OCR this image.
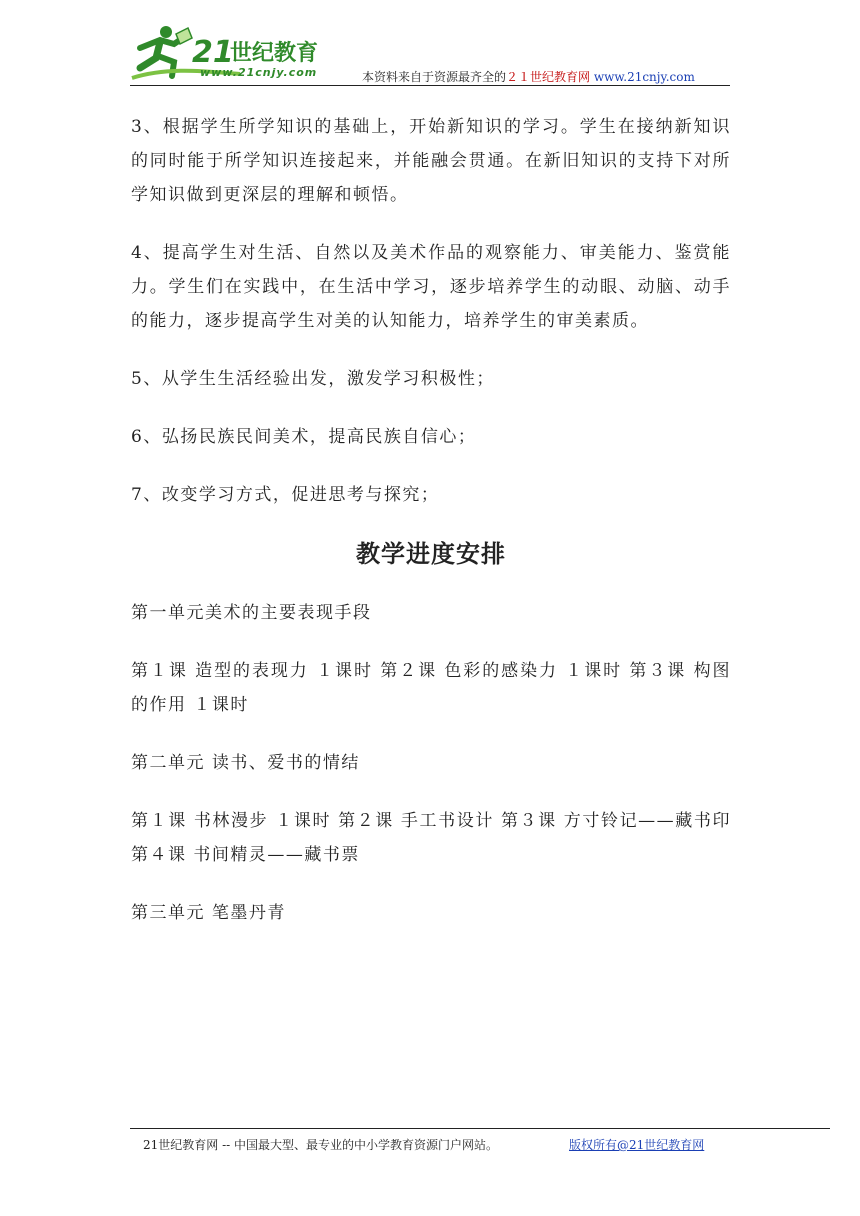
21
世纪教育
www.21cnjy.com	本资料来自于资源最齐全的２１世纪教育网 www.21cnjy.com

3、根据学生所学知识的基础上，开始新知识的学习。学生在接纳新知识的同时能于所学知识连接起来，并能融会贯通。在新旧知识的支持下对所学知识做到更深层的理解和顿悟。

4、提高学生对生活、自然以及美术作品的观察能力、审美能力、鉴赏能力。学生们在实践中，在生活中学习，逐步培养学生的动眼、动脑、动手的能力，逐步提高学生对美的认知能力，培养学生的审美素质。

5、从学生生活经验出发，激发学习积极性；

6、弘扬民族民间美术，提高民族自信心；

7、改变学习方式，促进思考与探究；

教学进度安排

第一单元美术的主要表现手段

第１课 造型的表现力 １课时 第２课 色彩的感染力 １课时 第３课 构图的作用 １课时

第二单元 读书、爱书的情结

第１课 书林漫步 １课时 第２课 手工书设计 第３课 方寸铃记——藏书印 第４课 书间精灵——藏书票

第三单元 笔墨丹青

21世纪教育网 -- 中国最大型、最专业的中小学教育资源门户网站。	版权所有@21世纪教育网
